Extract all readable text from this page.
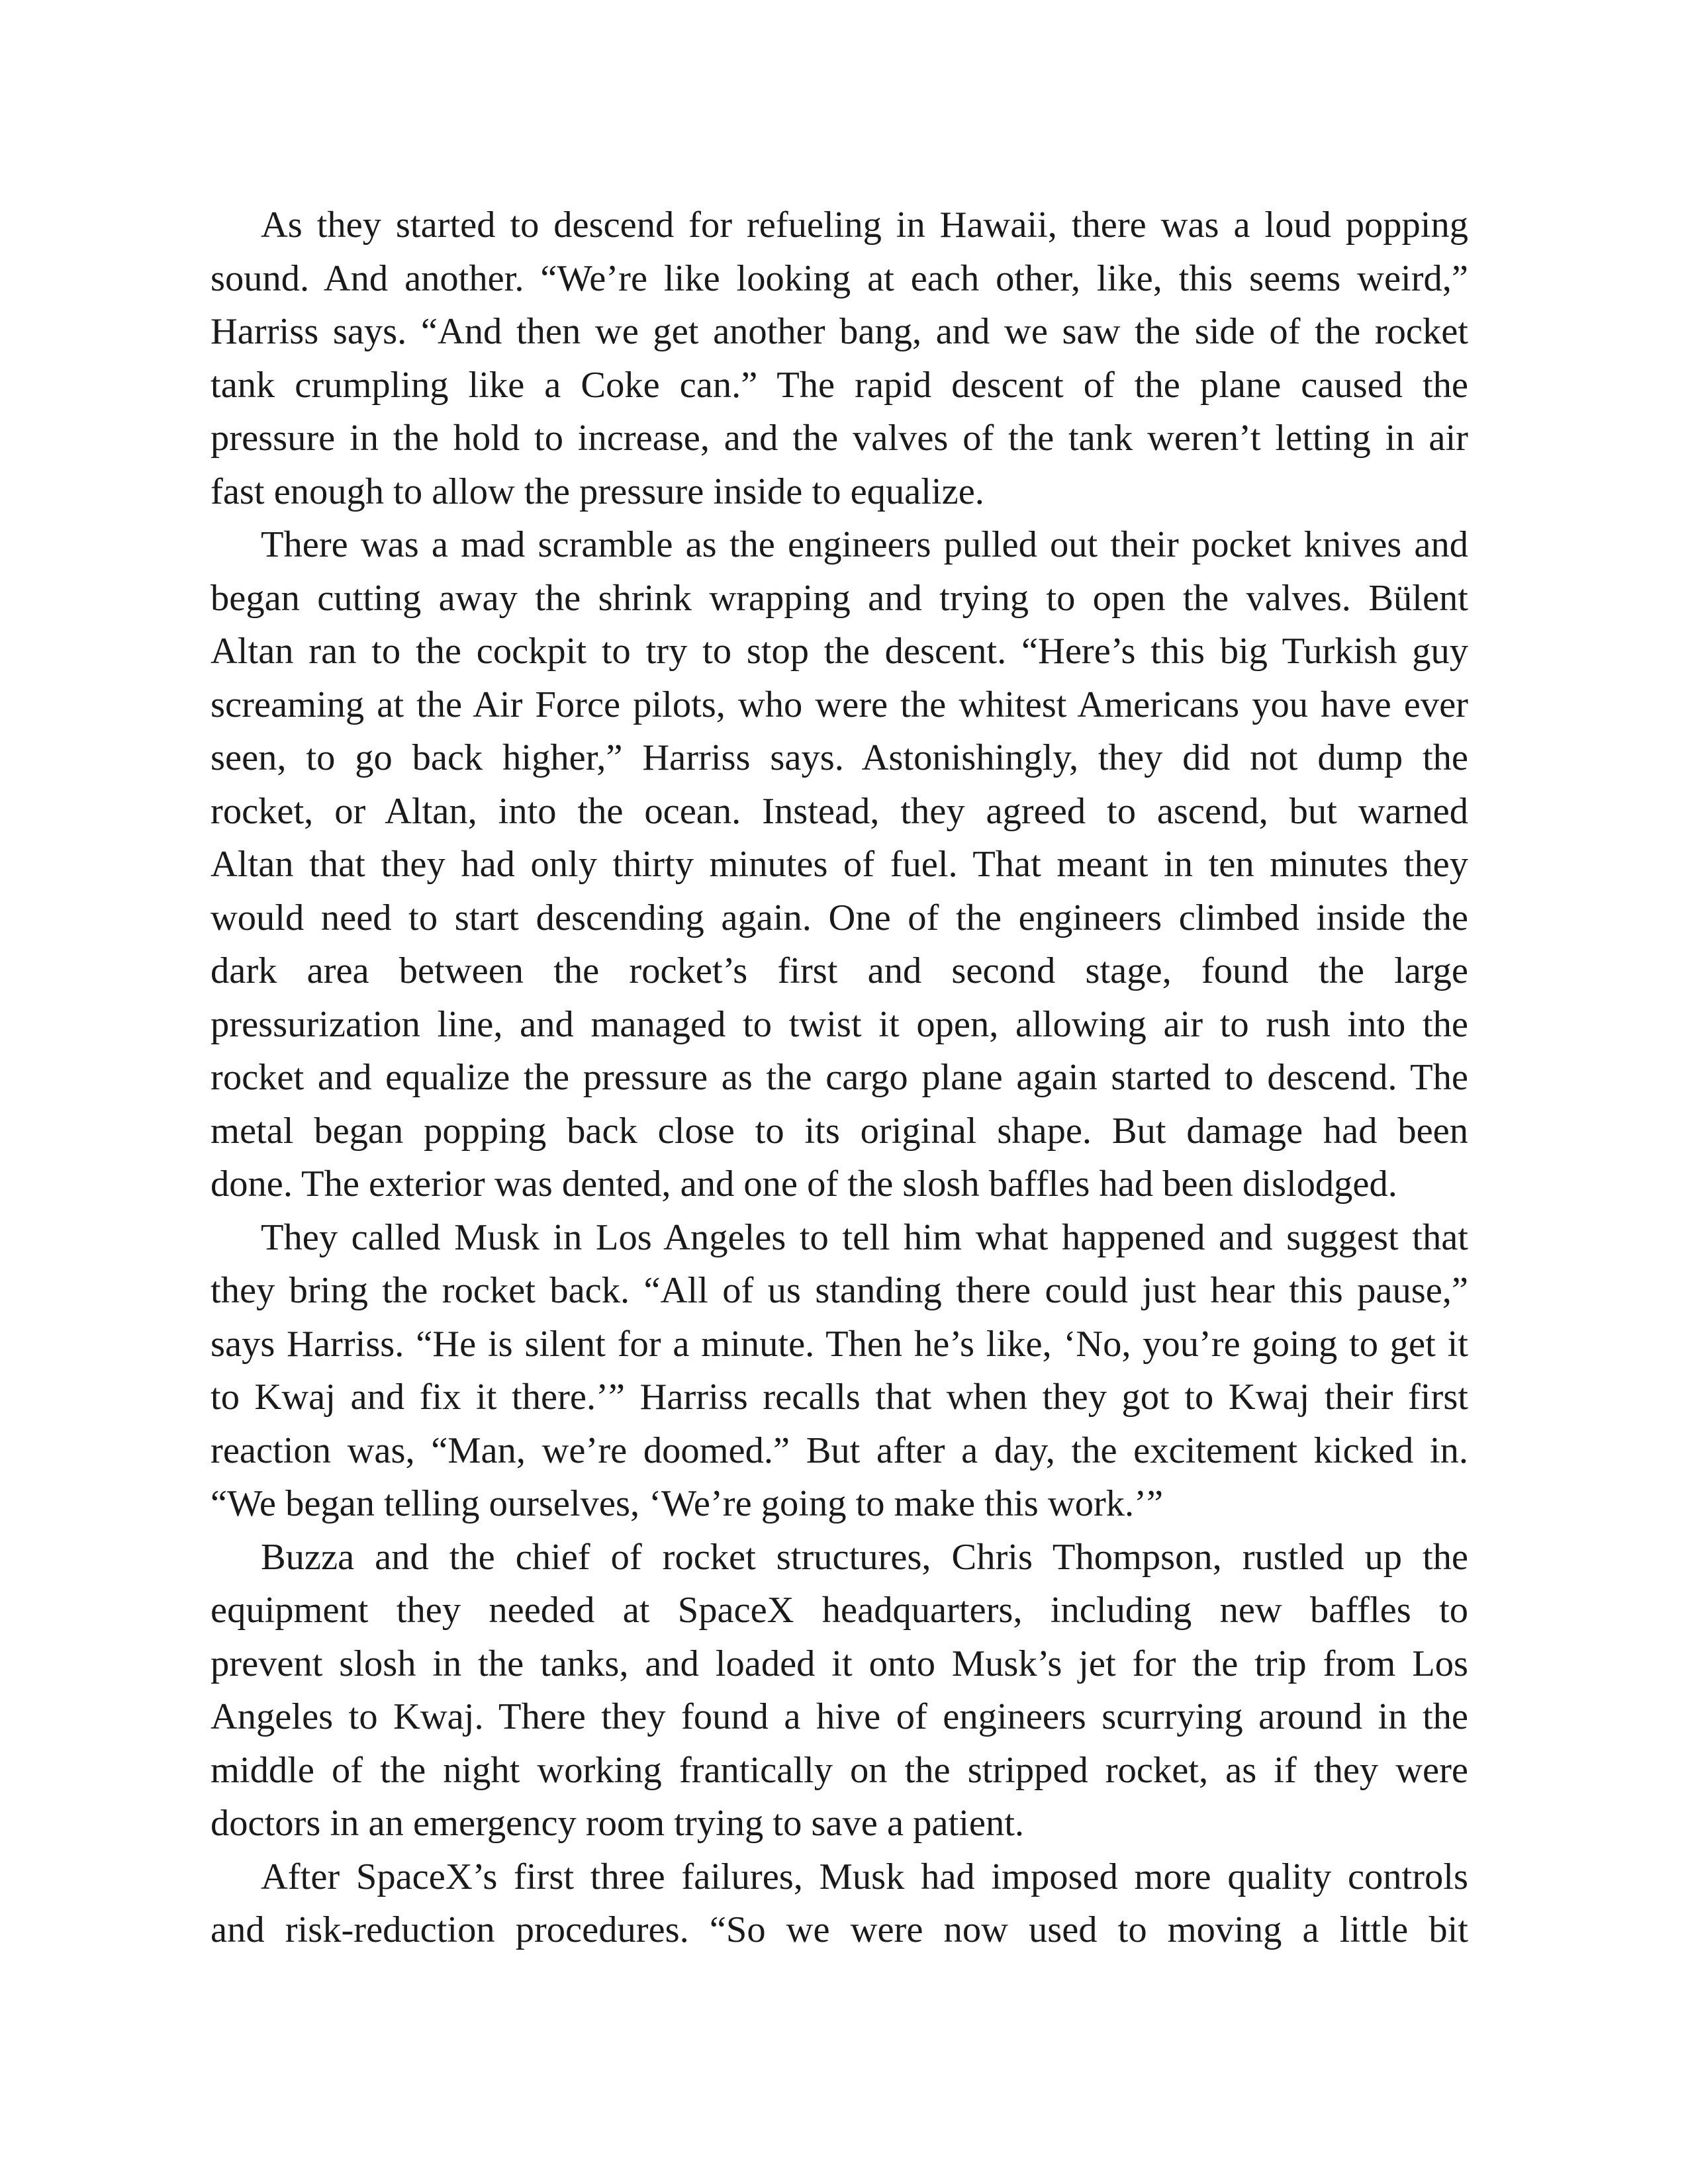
As they started to descend for refueling in Hawaii, there was a loud popping
sound. And another. “We’re like looking at each other, like, this seems weird,”
Harriss says. “And then we get another bang, and we saw the side of the rocket
tank crumpling like a Coke can.” The rapid descent of the plane caused the
pressure in the hold to increase, and the valves of the tank weren’t letting in air
fast enough to allow the pressure inside to equalize.
There was a mad scramble as the engineers pulled out their pocket knives and
began cutting away the shrink wrapping and trying to open the valves. Bülent
Altan ran to the cockpit to try to stop the descent. “Here’s this big Turkish guy
screaming at the Air Force pilots, who were the whitest Americans you have ever
seen, to go back higher,” Harriss says. Astonishingly, they did not dump the
rocket, or Altan, into the ocean. Instead, they agreed to ascend, but warned
Altan that they had only thirty minutes of fuel. That meant in ten minutes they
would need to start descending again. One of the engineers climbed inside the
dark area between the rocket’s first and second stage, found the large
pressurization line, and managed to twist it open, allowing air to rush into the
rocket and equalize the pressure as the cargo plane again started to descend. The
metal began popping back close to its original shape. But damage had been
done. The exterior was dented, and one of the slosh baffles had been dislodged.
They called Musk in Los Angeles to tell him what happened and suggest that
they bring the rocket back. “All of us standing there could just hear this pause,”
says Harriss. “He is silent for a minute. Then he’s like, ‘No, you’re going to get it
to Kwaj and fix it there.’” Harriss recalls that when they got to Kwaj their first
reaction was, “Man, we’re doomed.” But after a day, the excitement kicked in.
“We began telling ourselves, ‘We’re going to make this work.’”
Buzza and the chief of rocket structures, Chris Thompson, rustled up the
equipment they needed at SpaceX headquarters, including new baffles to
prevent slosh in the tanks, and loaded it onto Musk’s jet for the trip from Los
Angeles to Kwaj. There they found a hive of engineers scurrying around in the
middle of the night working frantically on the stripped rocket, as if they were
doctors in an emergency room trying to save a patient.
After SpaceX’s first three failures, Musk had imposed more quality controls
and risk-reduction procedures. “So we were now used to moving a little bit
